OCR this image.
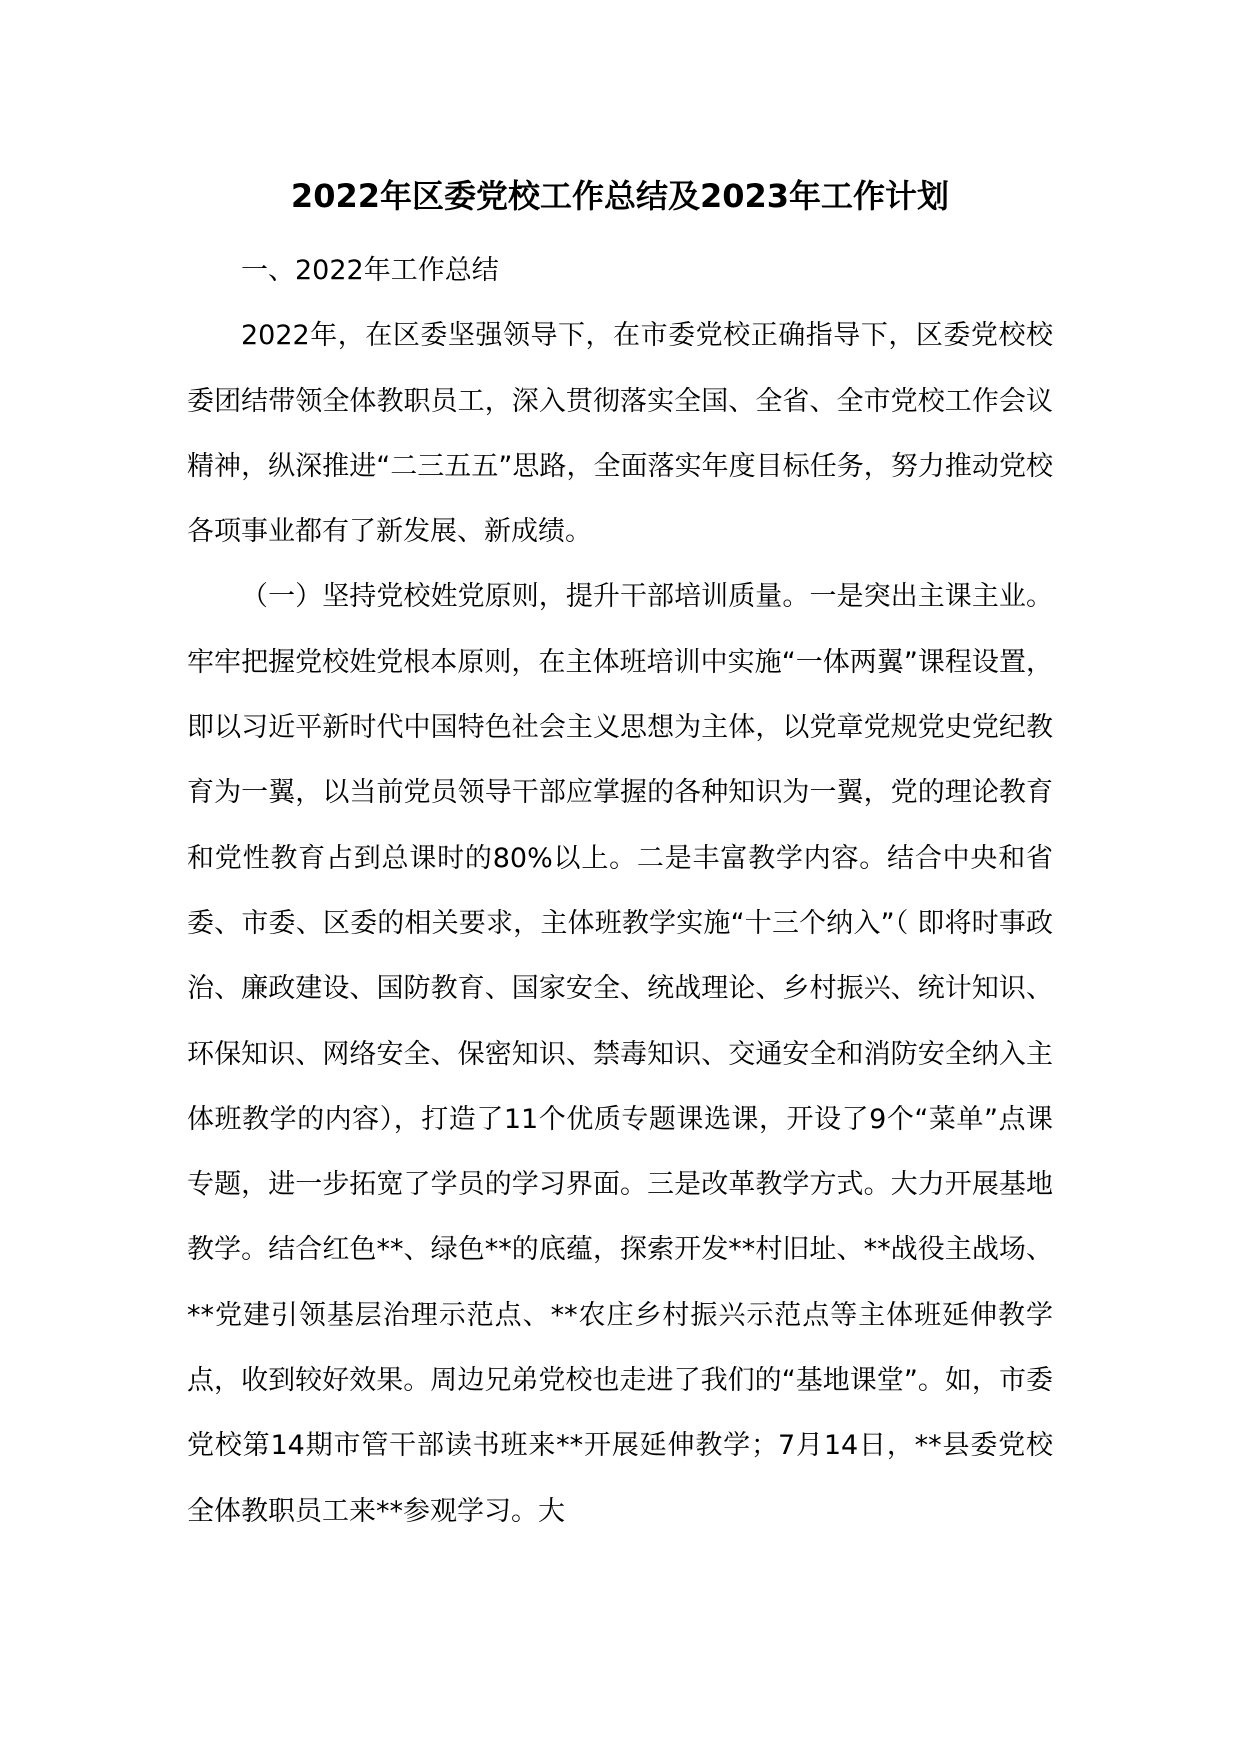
2022年区委党校工作总结及2023年工作计划

一、2022年工作总结

2022年，在区委坚强领导下，在市委党校正确指导下，区委党校校委团结带领全体教职员工，深入贯彻落实全国、全省、全市党校工作会议精神，纵深推进“二三五五”思路，全面落实年度目标任务，努力推动党校各项事业都有了新发展、新成绩。

（一）坚持党校姓党原则，提升干部培训质量。一是突出主课主业。牢牢把握党校姓党根本原则，在主体班培训中实施“一体两翼”课程设置，即以习近平新时代中国特色社会主义思想为主体，以党章党规党史党纪教育为一翼，以当前党员领导干部应掌握的各种知识为一翼，党的理论教育和党性教育占到总课时的80%以上。二是丰富教学内容。结合中央和省委、市委、区委的相关要求，主体班教学实施“十三个纳入”（ 即将时事政治、廉政建设、国防教育、国家安全、统战理论、乡村振兴、统计知识、环保知识、网络安全、保密知识、禁毒知识、交通安全和消防安全纳入主体班教学的内容），打造了11个优质专题课选课，开设了9个“菜单”点课专题，进一步拓宽了学员的学习界面。三是改革教学方式。大力开展基地教学。结合红色**、绿色**的底蕴，探索开发**村旧址、**战役主战场、**党建引领基层治理示范点、**农庄乡村振兴示范点等主体班延伸教学点，收到较好效果。周边兄弟党校也走进了我们的“基地课堂”。如，市委党校第14期市管干部读书班来**开展延伸教学；7月14日，**县委党校全体教职员工来**参观学习。大
